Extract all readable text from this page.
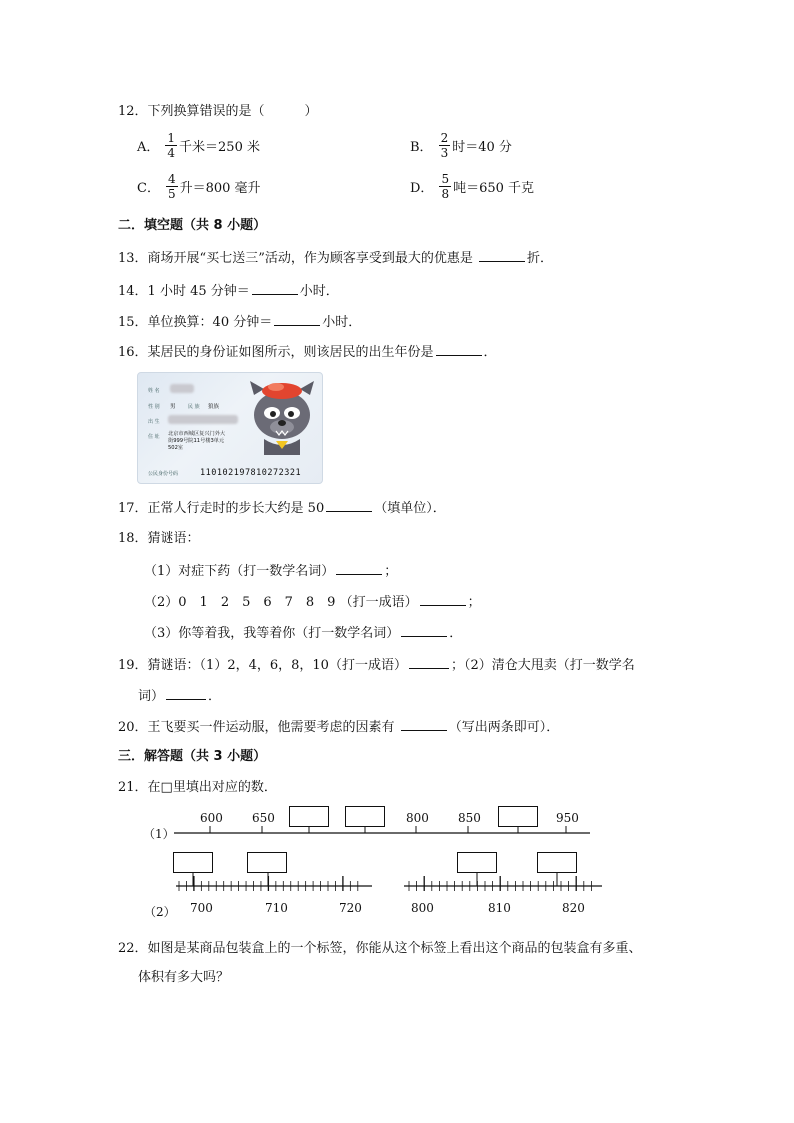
12．下列换算错误的是（	）
A． $\frac{1}{4}$ 千米＝250 米	B． $\frac{2}{3}$ 时＝40 分
C． $\frac{4}{5}$ 升＝800 毫升	D． $\frac{5}{8}$ 吨＝650 千克
二．填空题（共 8 小题）
13．商场开展“买七送三”活动，作为顾客享受到最大的优惠是	折．
14．1 小时 45 分钟＝	小时．
15．单位换算：40 分钟＝	小时．
16．某居民的身份证如图所示，则该居民的出生年份是	．
姓 名
性 别 男 民 族 狼族
出 生
住 址 北京市西城区复兴门外大
街999号院11号楼3单元
502室
公民身份号码	110102197810272321
17．正常人行走时的步长大约是 50	（填单位）．
18．猜谜语：
（1）对症下药（打一数学名词）	；
（2）0　1　2　5　6　7　8　9 （打一成语）	；
（3）你等着我，我等着你（打一数学名词）	．
19．猜谜语：（1）2，4，6，8，10（打一成语）	；（2）清仓大甩卖（打一数学名
词）	．
20．王飞要买一件运动服，他需要考虑的因素有	（写出两条即可）．
三．解答题（共 3 小题）
21．在□里填出对应的数．
（1）
600 650	800 850	950
（2） 700	710	720	800	810	820
22．如图是某商品包装盒上的一个标签，你能从这个标签上看出这个商品的包装盒有多重、
体积有多大吗？
